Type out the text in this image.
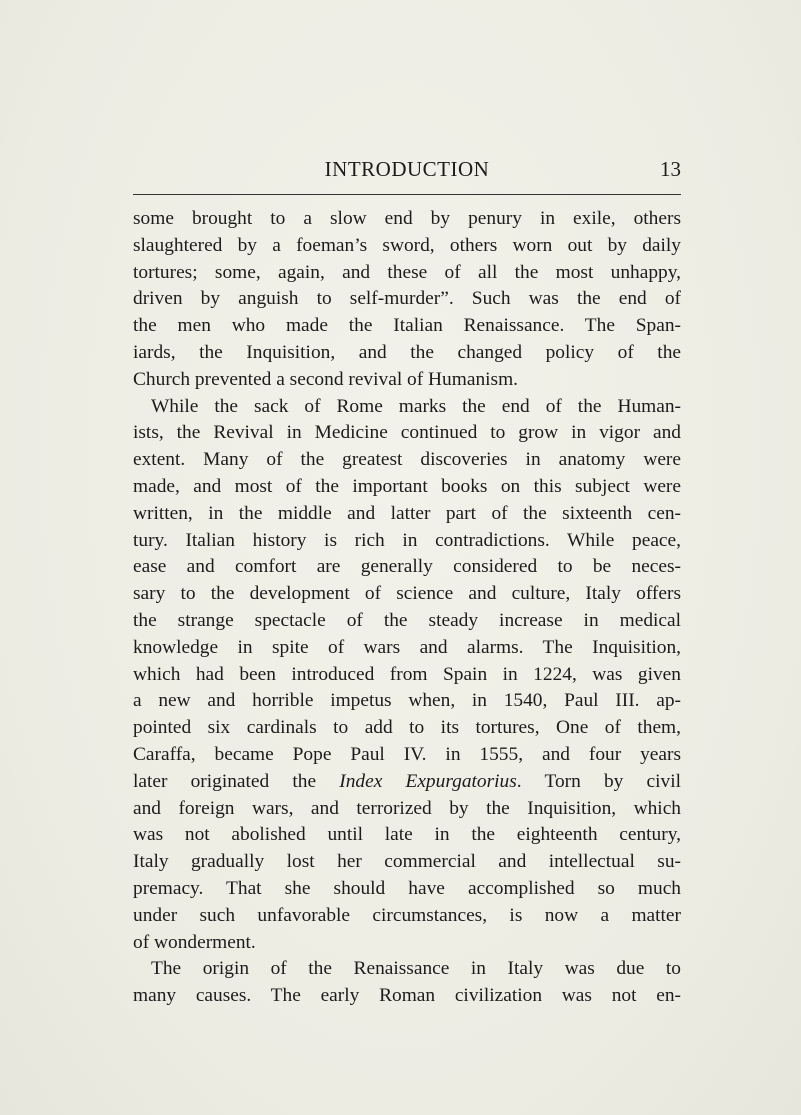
INTRODUCTION	13
some brought to a slow end by penury in exile, others
slaughtered by a foeman’s sword, others worn out by daily
tortures; some, again, and these of all the most unhappy,
driven by anguish to self-murder”. Such was the end of
the men who made the Italian Renaissance. The Span-
iards, the Inquisition, and the changed policy of the
Church prevented a second revival of Humanism.
While the sack of Rome marks the end of the Human-
ists, the Revival in Medicine continued to grow in vigor and
extent. Many of the greatest discoveries in anatomy were
made, and most of the important books on this subject were
written, in the middle and latter part of the sixteenth cen-
tury. Italian history is rich in contradictions. While peace,
ease and comfort are generally considered to be neces-
sary to the development of science and culture, Italy offers
the strange spectacle of the steady increase in medical
knowledge in spite of wars and alarms. The Inquisition,
which had been introduced from Spain in 1224, was given
a new and horrible impetus when, in 1540, Paul III. ap-
pointed six cardinals to add to its tortures, One of them,
Caraffa, became Pope Paul IV. in 1555, and four years
later originated the Index Expurgatorius. Torn by civil
and foreign wars, and terrorized by the Inquisition, which
was not abolished until late in the eighteenth century,
Italy gradually lost her commercial and intellectual su-
premacy. That she should have accomplished so much
under such unfavorable circumstances, is now a matter
of wonderment.
The origin of the Renaissance in Italy was due to
many causes. The early Roman civilization was not en-
